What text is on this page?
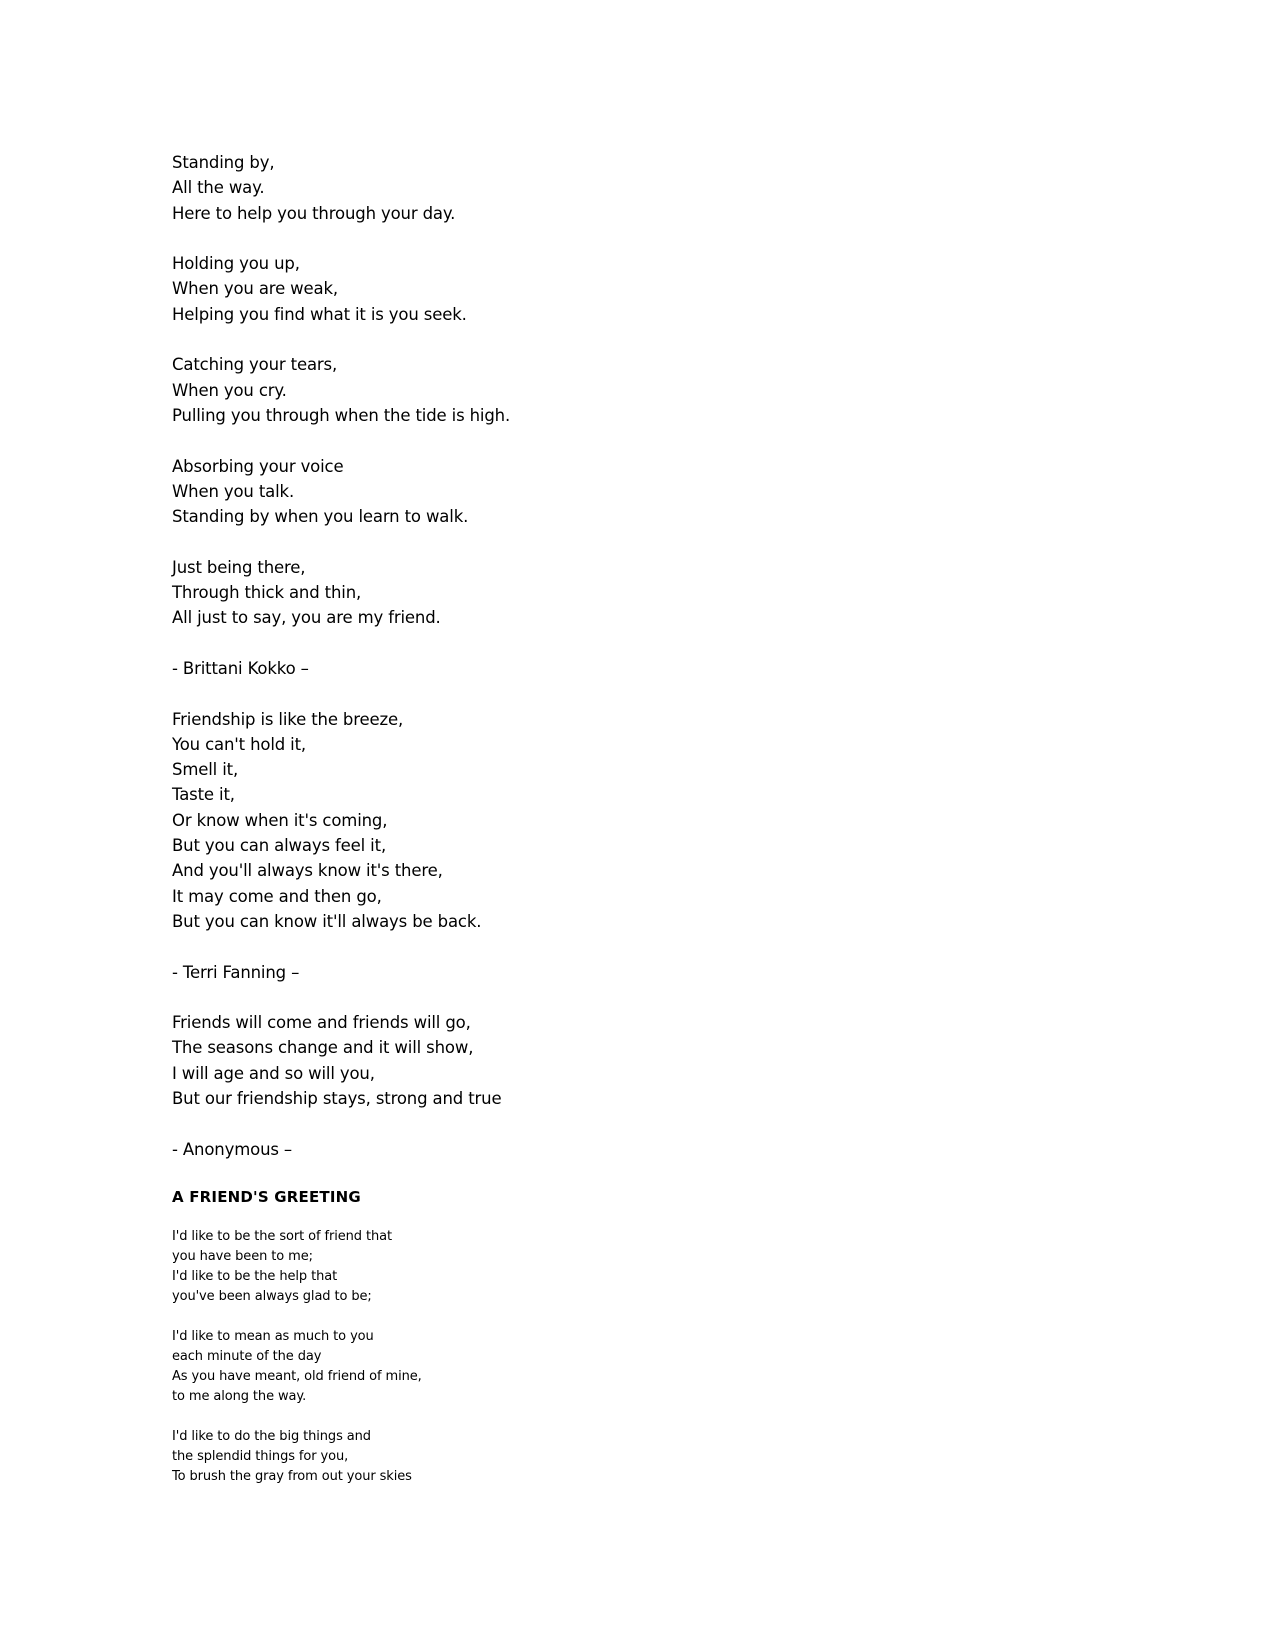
Standing by,
All the way.
Here to help you through your day.

Holding you up,
When you are weak,
Helping you find what it is you seek.

Catching your tears,
When you cry.
Pulling you through when the tide is high.

Absorbing your voice
When you talk.
Standing by when you learn to walk.

Just being there,
Through thick and thin,
All just to say, you are my friend.

- Brittani Kokko –

Friendship is like the breeze,
You can't hold it,
Smell it,
Taste it,
Or know when it's coming,
But you can always feel it,
And you'll always know it's there,
It may come and then go,
But you can know it'll always be back.

- Terri Fanning –

Friends will come and friends will go,
The seasons change and it will show,
I will age and so will you,
But our friendship stays, strong and true

- Anonymous –

A FRIEND'S GREETING

I'd like to be the sort of friend that
you have been to me;
I'd like to be the help that
you've been always glad to be;

I'd like to mean as much to you
each minute of the day
As you have meant, old friend of mine,
to me along the way.

I'd like to do the big things and
the splendid things for you,
To brush the gray from out your skies
